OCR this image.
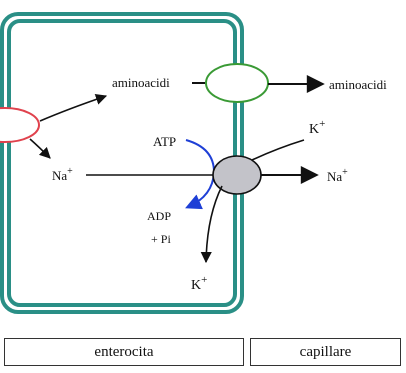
aminoacidi	aminoacidi
Na+	Na+
K+
K+
ATP
ADP
+ Pi
enterocita	capillare
